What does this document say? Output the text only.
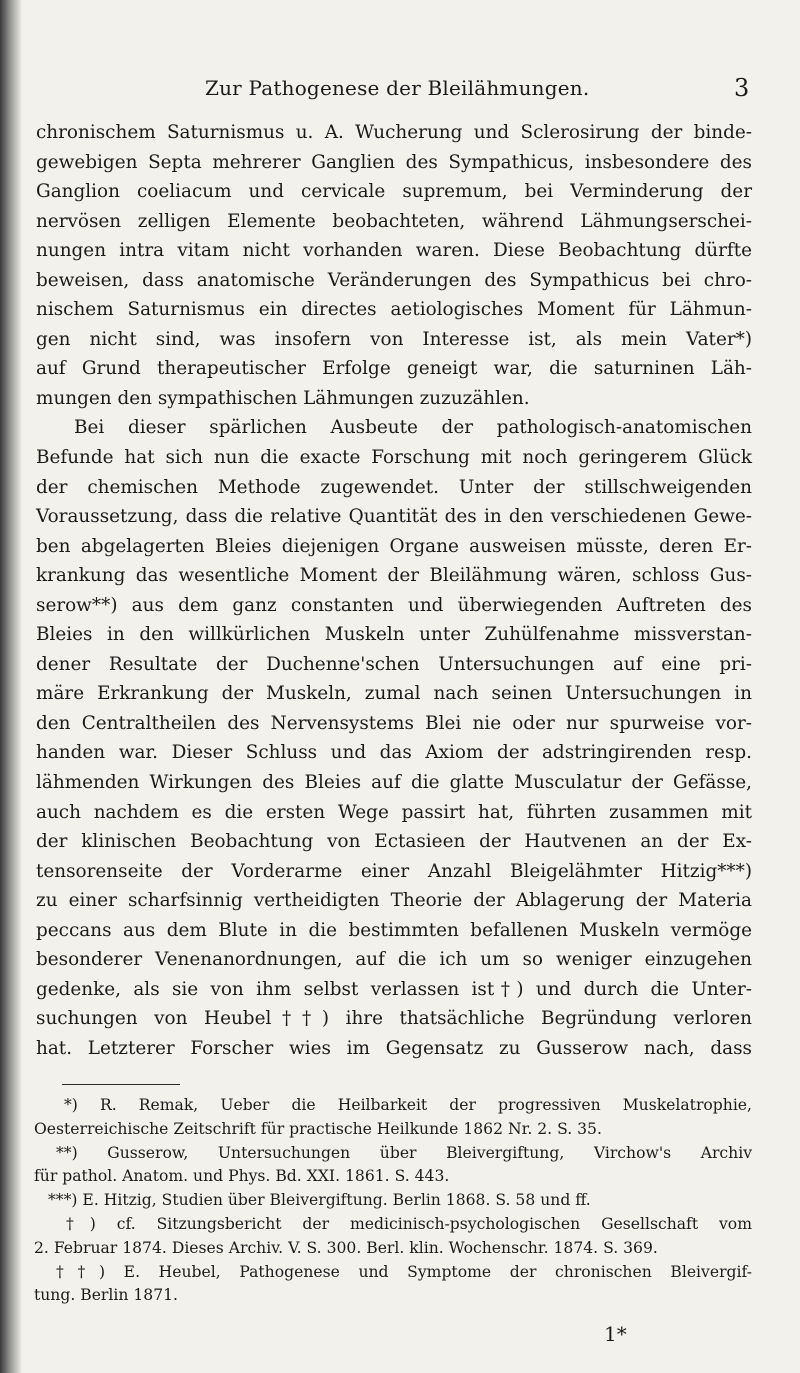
Zur Pathogenese der Bleilähmungen.	3
chronischem Saturnismus u. A. Wucherung und Sclerosirung der binde-
gewebigen Septa mehrerer Ganglien des Sympathicus, insbesondere des
Ganglion coeliacum und cervicale supremum, bei Verminderung der
nervösen zelligen Elemente beobachteten, während Lähmungserschei-
nungen intra vitam nicht vorhanden waren. Diese Beobachtung dürfte
beweisen, dass anatomische Veränderungen des Sympathicus bei chro-
nischem Saturnismus ein directes aetiologisches Moment für Lähmun-
gen nicht sind, was insofern von Interesse ist, als mein Vater*)
auf Grund therapeutischer Erfolge geneigt war, die saturninen Läh-
mungen den sympathischen Lähmungen zuzuzählen.
Bei dieser spärlichen Ausbeute der pathologisch-anatomischen
Befunde hat sich nun die exacte Forschung mit noch geringerem Glück
der chemischen Methode zugewendet. Unter der stillschweigenden
Voraussetzung, dass die relative Quantität des in den verschiedenen Gewe-
ben abgelagerten Bleies diejenigen Organe ausweisen müsste, deren Er-
krankung das wesentliche Moment der Bleilähmung wären, schloss Gus-
serow**) aus dem ganz constanten und überwiegenden Auftreten des
Bleies in den willkürlichen Muskeln unter Zuhülfenahme missverstan-
dener Resultate der Duchenne'schen Untersuchungen auf eine pri-
märe Erkrankung der Muskeln, zumal nach seinen Untersuchungen in
den Centraltheilen des Nervensystems Blei nie oder nur spurweise vor-
handen war. Dieser Schluss und das Axiom der adstringirenden resp.
lähmenden Wirkungen des Bleies auf die glatte Musculatur der Gefässe,
auch nachdem es die ersten Wege passirt hat, führten zusammen mit
der klinischen Beobachtung von Ectasieen der Hautvenen an der Ex-
tensorenseite der Vorderarme einer Anzahl Bleigelähmter Hitzig***)
zu einer scharfsinnig vertheidigten Theorie der Ablagerung der Materia
peccans aus dem Blute in die bestimmten befallenen Muskeln vermöge
besonderer Venenanordnungen, auf die ich um so weniger einzugehen
gedenke, als sie von ihm selbst verlassen ist†) und durch die Unter-
suchungen von Heubel††) ihre thatsächliche Begründung verloren
hat. Letzterer Forscher wies im Gegensatz zu Gusserow nach, dass
*) R. Remak, Ueber die Heilbarkeit der progressiven Muskelatrophie,
Oesterreichische Zeitschrift für practische Heilkunde 1862 Nr. 2. S. 35.
**) Gusserow, Untersuchungen über Bleivergiftung, Virchow's Archiv
für pathol. Anatom. und Phys. Bd. XXI. 1861. S. 443.
***) E. Hitzig, Studien über Bleivergiftung. Berlin 1868. S. 58 und ff.
†) cf. Sitzungsbericht der medicinisch-psychologischen Gesellschaft vom
2. Februar 1874. Dieses Archiv. V. S. 300. Berl. klin. Wochenschr. 1874. S. 369.
††) E. Heubel, Pathogenese und Symptome der chronischen Bleivergif-
tung. Berlin 1871.
1*
